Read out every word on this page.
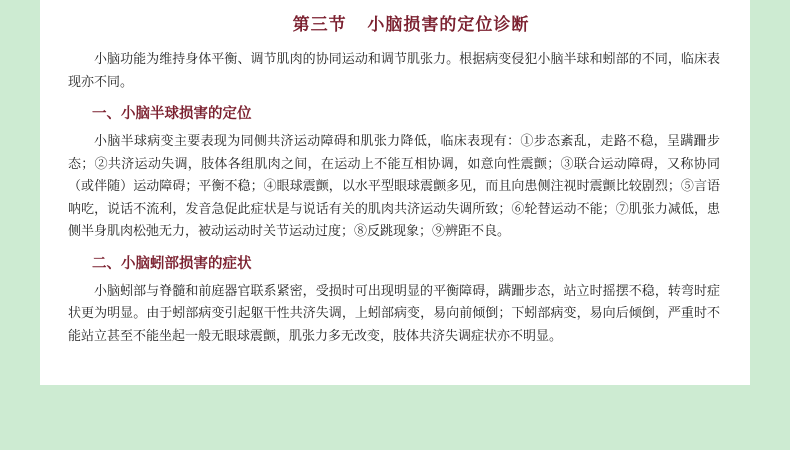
第三节   小脑损害的定位诊断

小脑功能为维持身体平衡、调节肌肉的协同运动和调节肌张力。根据病变侵犯小脑半球和蚓部的不同，临床表现亦不同。

一、小脑半球损害的定位

小脑半球病变主要表现为同侧共济运动障碍和肌张力降低，临床表现有：①步态紊乱，走路不稳，呈蹒跚步态；②共济运动失调，肢体各组肌肉之间，在运动上不能互相协调，如意向性震颤；③联合运动障碍，又称协同（或伴随）运动障碍；平衡不稳；④眼球震颤，以水平型眼球震颤多见，而且向患侧注视时震颤比较剧烈；⑤言语呐吃，说话不流利，发音急促此症状是与说话有关的肌肉共济运动失调所致；⑥轮替运动不能；⑦肌张力减低，患侧半身肌肉松弛无力，被动运动时关节运动过度；⑧反跳现象；⑨辨距不良。

二、小脑蚓部损害的症状

小脑蚓部与脊髓和前庭器官联系紧密，受损时可出现明显的平衡障碍，蹒跚步态，站立时摇摆不稳，转弯时症状更为明显。由于蚓部病变引起躯干性共济失调，上蚓部病变，易向前倾倒；下蚓部病变，易向后倾倒，严重时不能站立甚至不能坐起一般无眼球震颤，肌张力多无改变，肢体共济失调症状亦不明显。
